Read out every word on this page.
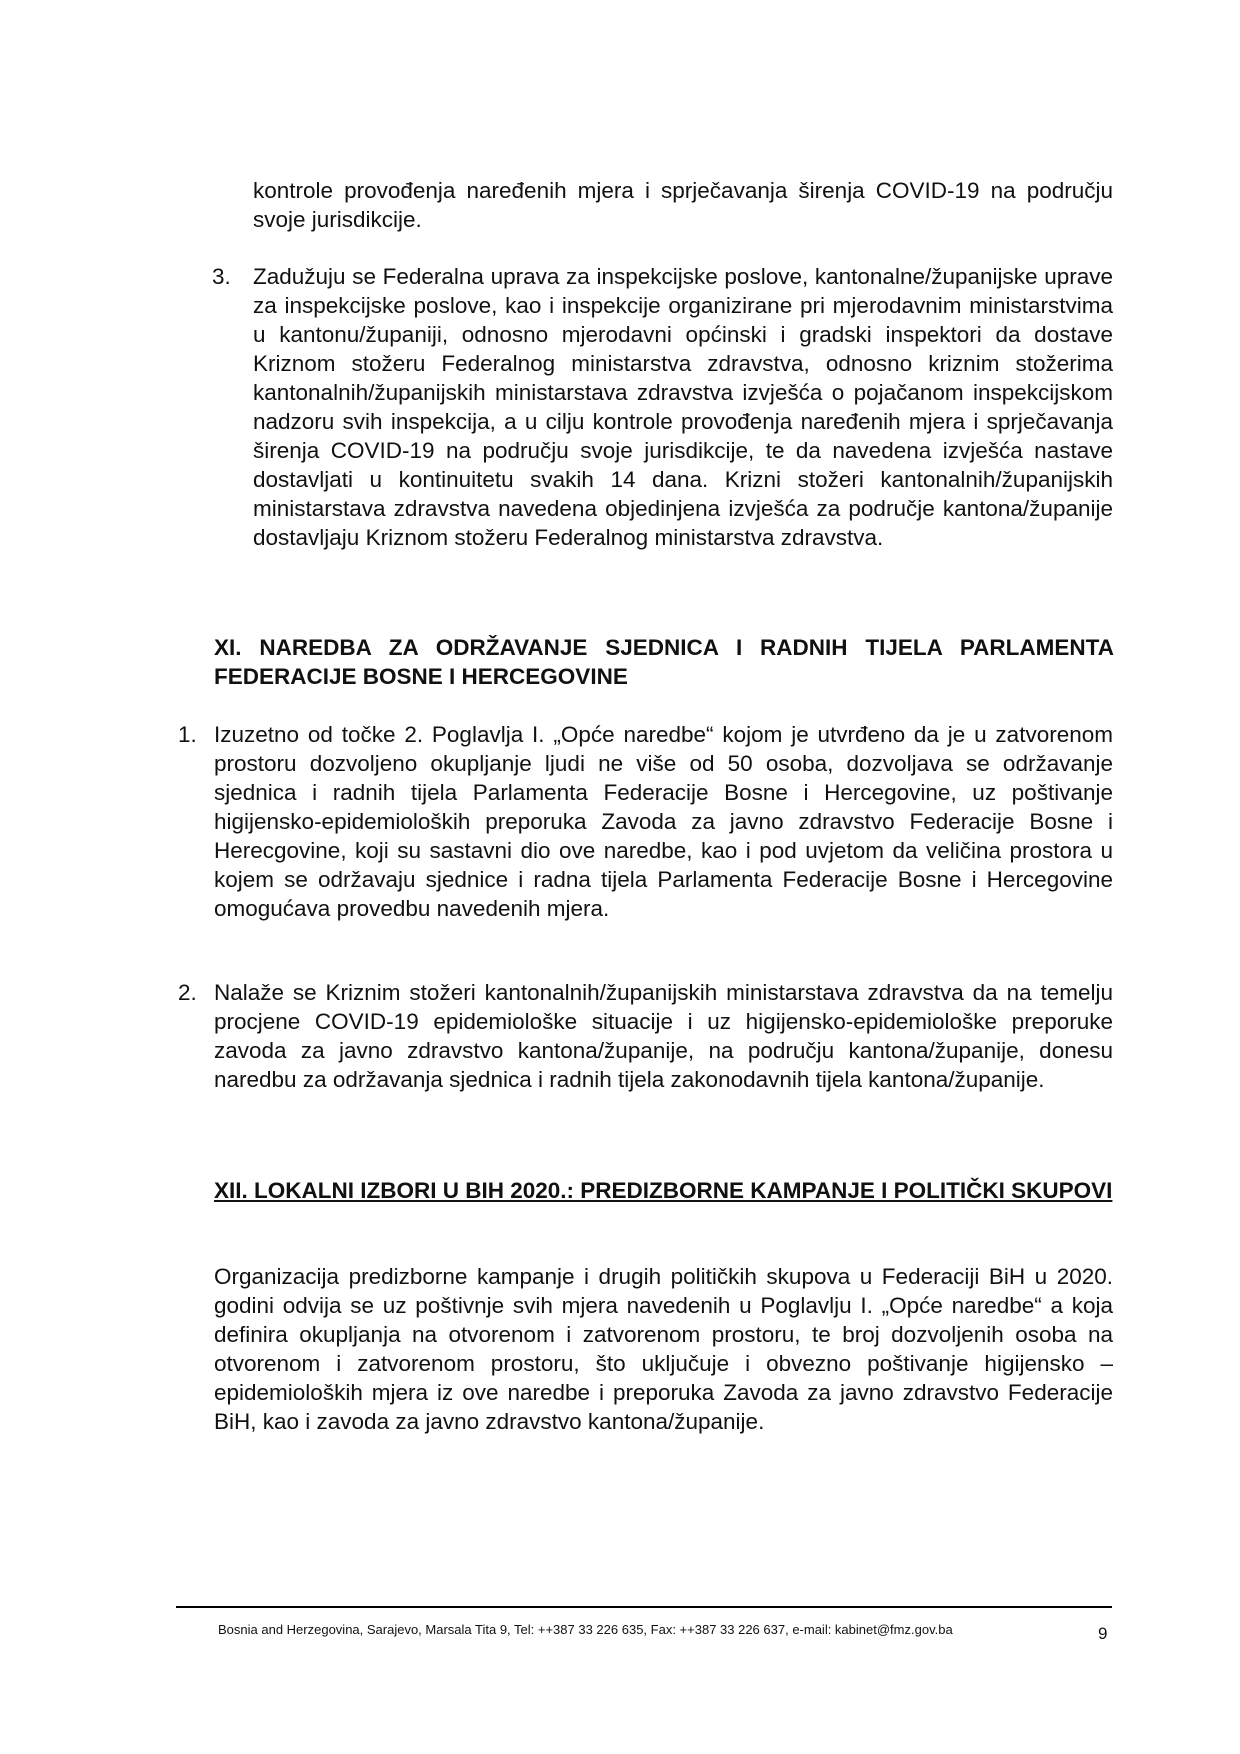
kontrole provođenja naređenih mjera i sprječavanja širenja COVID-19 na području svoje jurisdikcije.
3. Zadužuju se Federalna uprava za inspekcijske poslove, kantonalne/županijske uprave za inspekcijske poslove, kao i inspekcije organizirane pri mjerodavnim ministarstvima u kantonu/županiji, odnosno mjerodavni općinski i gradski inspektori da dostave Kriznom stožeru Federalnog ministarstva zdravstva, odnosno kriznim stožerima kantonalnih/županijskih ministarstava zdravstva izvješća o pojačanom inspekcijskom nadzoru svih inspekcija, a u cilju kontrole provođenja naređenih mjera i sprječavanja širenja COVID-19 na području svoje jurisdikcije, te da navedena izvješća nastave dostavljati u kontinuitetu svakih 14 dana. Krizni stožeri kantonalnih/županijskih ministarstava zdravstva navedena objedinjena izvješća za područje kantona/županije dostavljaju Kriznom stožeru Federalnog ministarstva zdravstva.
XI. NAREDBA ZA ODRŽAVANJE SJEDNICA I RADNIH TIJELA PARLAMENTA FEDERACIJE BOSNE I HERCEGOVINE
1. Izuzetno od točke 2. Poglavlja I. „Opće naredbe“ kojom je utvrđeno da je u zatvorenom prostoru dozvoljeno okupljanje ljudi ne više od 50 osoba, dozvoljava se održavanje sjednica i radnih tijela Parlamenta Federacije Bosne i Hercegovine, uz poštivanje higijensko-epidemioloških preporuka Zavoda za javno zdravstvo Federacije Bosne i Herecgovine, koji su sastavni dio ove naredbe, kao i pod uvjetom da veličina prostora u kojem se održavaju sjednice i radna tijela Parlamenta Federacije Bosne i Hercegovine omogućava provedbu navedenih mjera.
2. Nalaže se Kriznim stožeri kantonalnih/županijskih ministarstava zdravstva da na temelju procjene COVID-19 epidemiološke situacije i uz higijensko-epidemiološke preporuke zavoda za javno zdravstvo kantona/županije, na području kantona/županije, donesu naredbu za održavanja sjednica i radnih tijela zakonodavnih tijela kantona/županije.
XII. LOKALNI IZBORI U BIH 2020.: PREDIZBORNE KAMPANJE I POLITIČKI SKUPOVI
Organizacija predizborne kampanje i drugih političkih skupova u Federaciji BiH u 2020. godini odvija se uz poštivnje svih mjera navedenih u Poglavlju I. „Opće naredbe“ a koja definira okupljanja na otvorenom i zatvorenom prostoru, te broj dozvoljenih osoba na otvorenom i zatvorenom prostoru, što uključuje i obvezno poštivanje higijensko – epidemioloških mjera iz ove naredbe i preporuka Zavoda za javno zdravstvo Federacije BiH, kao i zavoda za javno zdravstvo kantona/županije.
Bosnia and Herzegovina, Sarajevo, Marsala Tita 9, Tel: ++387 33 226 635, Fax: ++387 33 226 637, e-mail: kabinet@fmz.gov.ba	9
